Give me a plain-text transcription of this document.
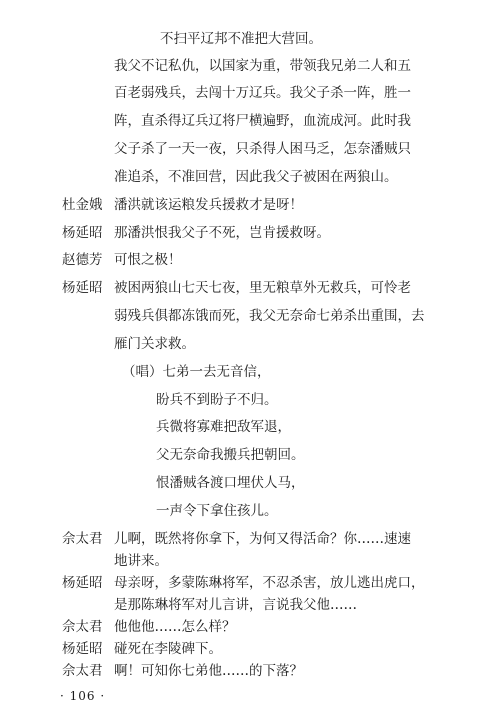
不扫平辽邦不准把大营回。
我父不记私仇，以国家为重，带领我兄弟二人和五
百老弱残兵，去闯十万辽兵。我父子杀一阵，胜一
阵，直杀得辽兵辽将尸横遍野，血流成河。此时我
父子杀了一天一夜，只杀得人困马乏，怎奈潘贼只
准追杀，不准回营，因此我父子被困在两狼山。
杜金娥 潘洪就该运粮发兵援救才是呀！
杨延昭 那潘洪恨我父子不死，岂肯援救呀。
赵德芳 可恨之极！
杨延昭 被困两狼山七天七夜，里无粮草外无救兵，可怜老
弱残兵俱都冻饿而死，我父无奈命七弟杀出重围，去
雁门关求救。
（唱）七弟一去无音信，
盼兵不到盼子不归。
兵微将寡难把敌军退，
父无奈命我搬兵把朝回。
恨潘贼各渡口埋伏人马，
一声令下拿住孩儿。
佘太君 儿啊，既然将你拿下，为何又得活命？你……速速
地讲来。
杨延昭 母亲呀，多蒙陈琳将军，不忍杀害，放儿逃出虎口，
是那陈琳将军对儿言讲，言说我父他……
佘太君
杨延昭
佘太君
他他他……怎么样？
碰死在李陵碑下。
啊！可知你七弟他……的下落？
· 106 ·
